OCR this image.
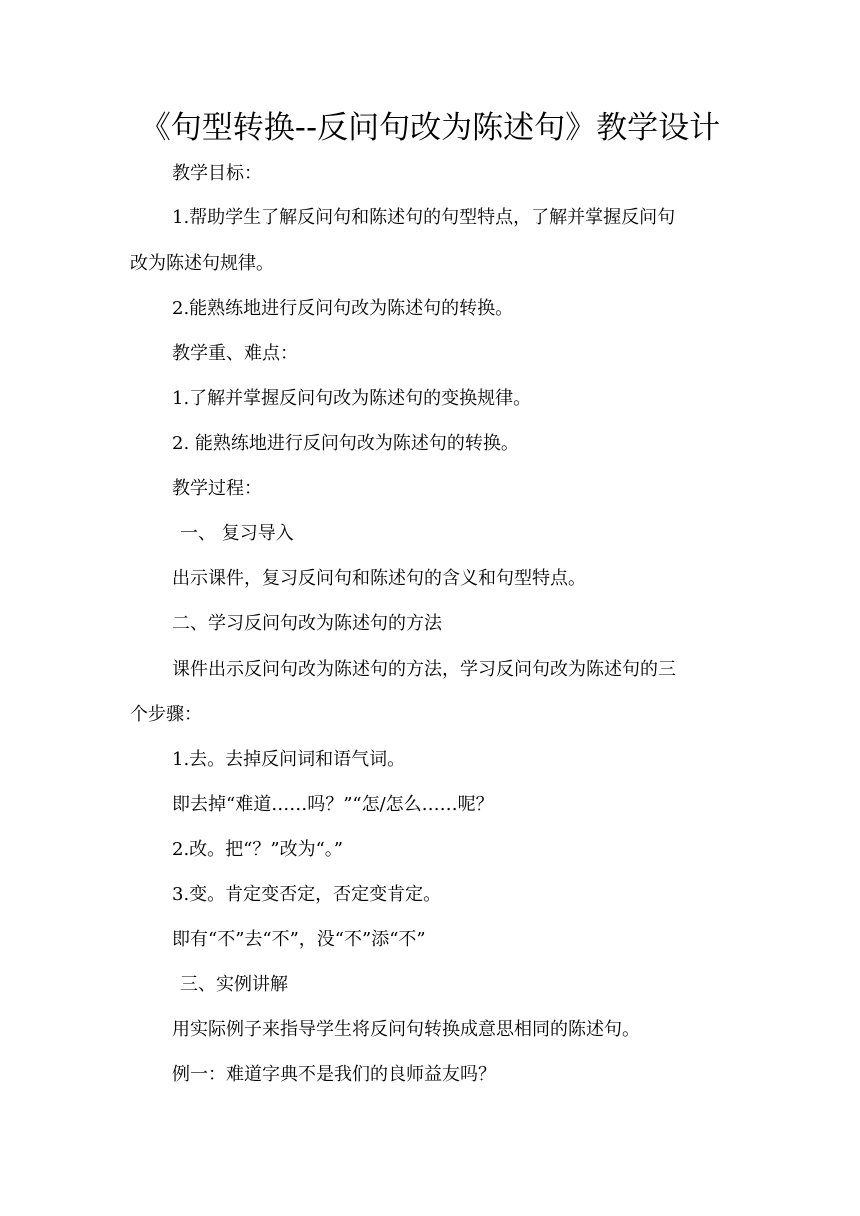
《句型转换--反问句改为陈述句》教学设计
教学目标：
1.帮助学生了解反问句和陈述句的句型特点，了解并掌握反问句
改为陈述句规律。
2.能熟练地进行反问句改为陈述句的转换。
教学重、难点：
1.了解并掌握反问句改为陈述句的变换规律。
2. 能熟练地进行反问句改为陈述句的转换。
教学过程：
一、 复习导入
出示课件，复习反问句和陈述句的含义和句型特点。
二、学习反问句改为陈述句的方法
课件出示反问句改为陈述句的方法，学习反问句改为陈述句的三
个步骤：
1.去。去掉反问词和语气词。
即去掉“难道……吗？”“怎/怎么……呢？
2.改。把“？”改为“。”
3.变。肯定变否定，否定变肯定。
即有“不”去“不”，没“不”添“不”
三、实例讲解
用实际例子来指导学生将反问句转换成意思相同的陈述句。
例一：难道字典不是我们的良师益友吗？
